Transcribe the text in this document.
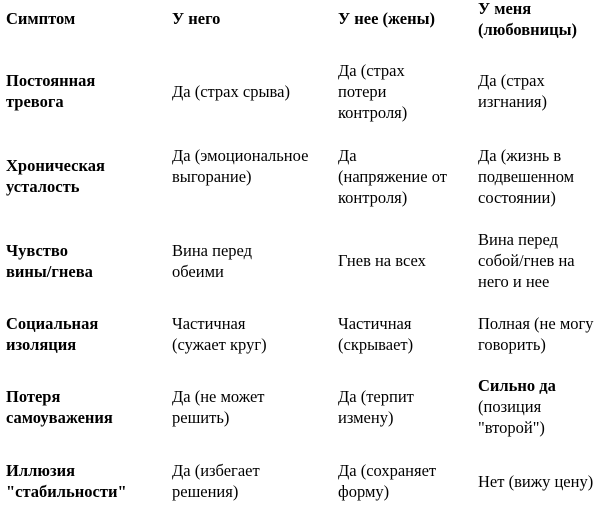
Симптом	У него	У нее (жены)
У меня (любовницы)
Постоянная тревога
Да (страх срыва)
Да (страх потери контроля)
Да (страх изгнания)
Хроническая усталость
Да (эмоциональное выгорание)
Да (напряжение от контроля)
Да (жизнь в подвешенном состоянии)
Чувство вины/гнева
Вина перед обеими
Гнев на всех
Вина перед собой/гнев на него и нее
Социальная изоляция
Частичная (сужает круг)
Частичная (скрывает)
Полная (не могу говорить)
Потеря самоуважения
Да (не может решить)
Да (терпит измену)
Сильно да (позиция "второй")
Иллюзия "стабильности"
Да (избегает решения)
Да (сохраняет форму)
Нет (вижу цену)
